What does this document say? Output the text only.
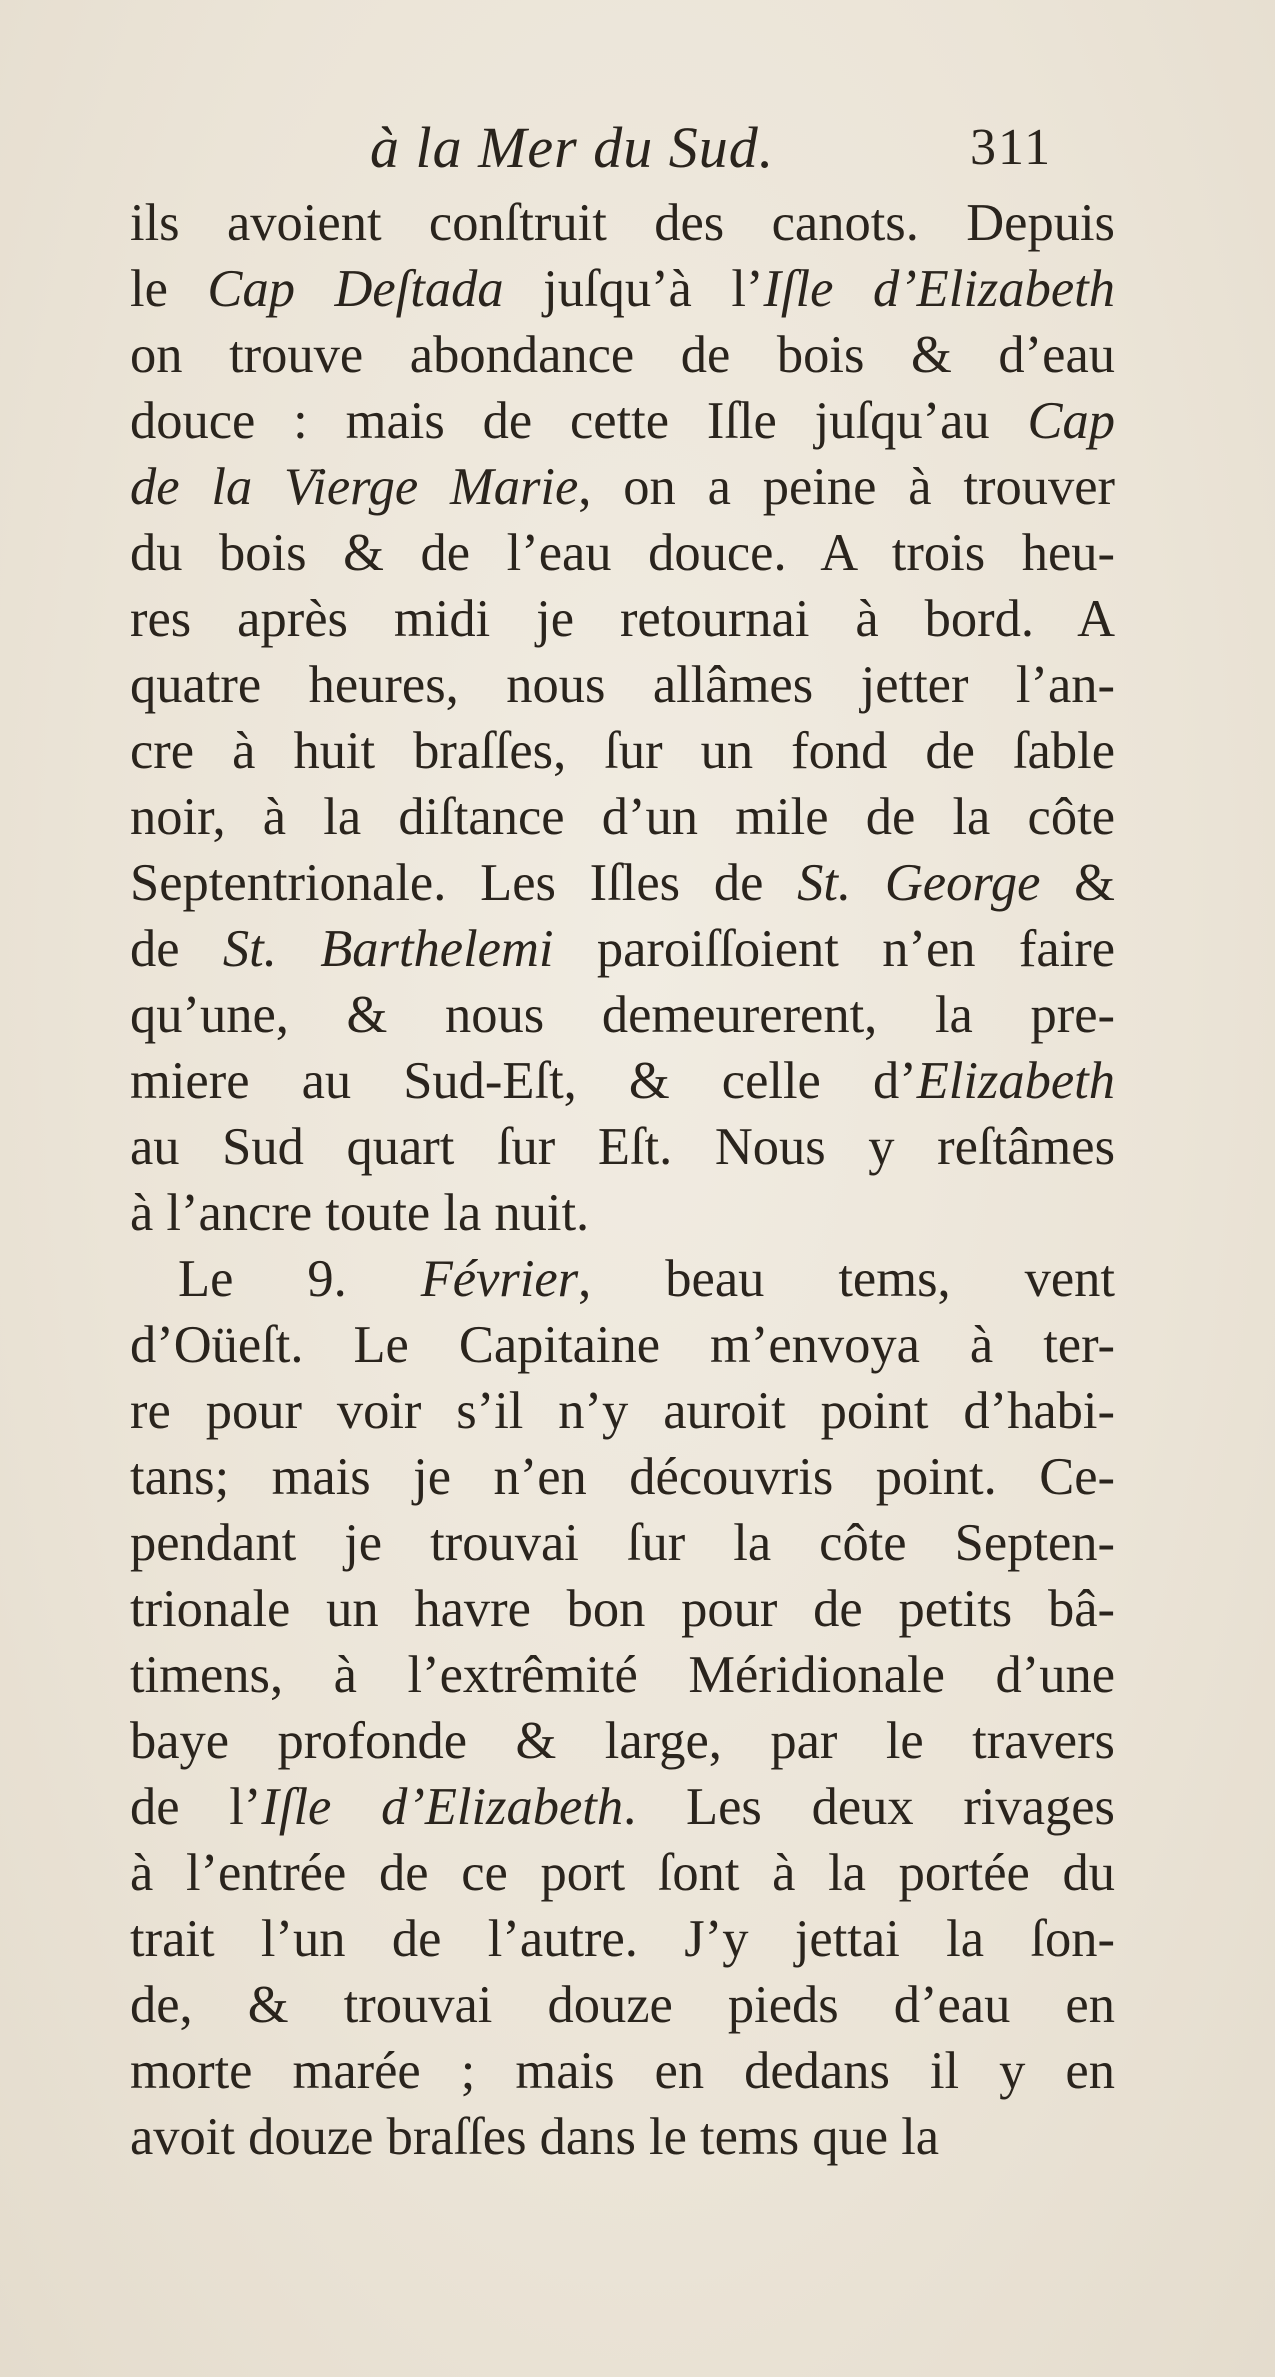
à la Mer du Sud.	311
ils avoient conſtruit des canots. Depuis
le Cap Deſtada juſqu’à l’Iſle d’Elizabeth
on trouve abondance de bois & d’eau
douce : mais de cette Iſle juſqu’au Cap
de la Vierge Marie, on a peine à trouver
du bois & de l’eau douce. A trois heu-
res après midi je retournai à bord. A
quatre heures, nous allâmes jetter l’an-
cre à huit braſſes, ſur un fond de ſable
noir, à la diſtance d’un mile de la côte
Septentrionale. Les Iſles de St. George &
de St. Barthelemi paroiſſoient n’en faire
qu’une, & nous demeurerent, la pre-
miere au Sud-Eſt, & celle d’Elizabeth
au Sud quart ſur Eſt. Nous y reſtâmes
à l’ancre toute la nuit.
Le 9. Février, beau tems, vent
d’Oüeſt. Le Capitaine m’envoya à ter-
re pour voir s’il n’y auroit point d’habi-
tans; mais je n’en découvris point. Ce-
pendant je trouvai ſur la côte Septen-
trionale un havre bon pour de petits bâ-
timens, à l’extrêmité Méridionale d’une
baye profonde & large, par le travers
de l’Iſle d’Elizabeth. Les deux rivages
à l’entrée de ce port ſont à la portée du
trait l’un de l’autre. J’y jettai la ſon-
de, & trouvai douze pieds d’eau en
morte marée ; mais en dedans il y en
avoit douze braſſes dans le tems que la
